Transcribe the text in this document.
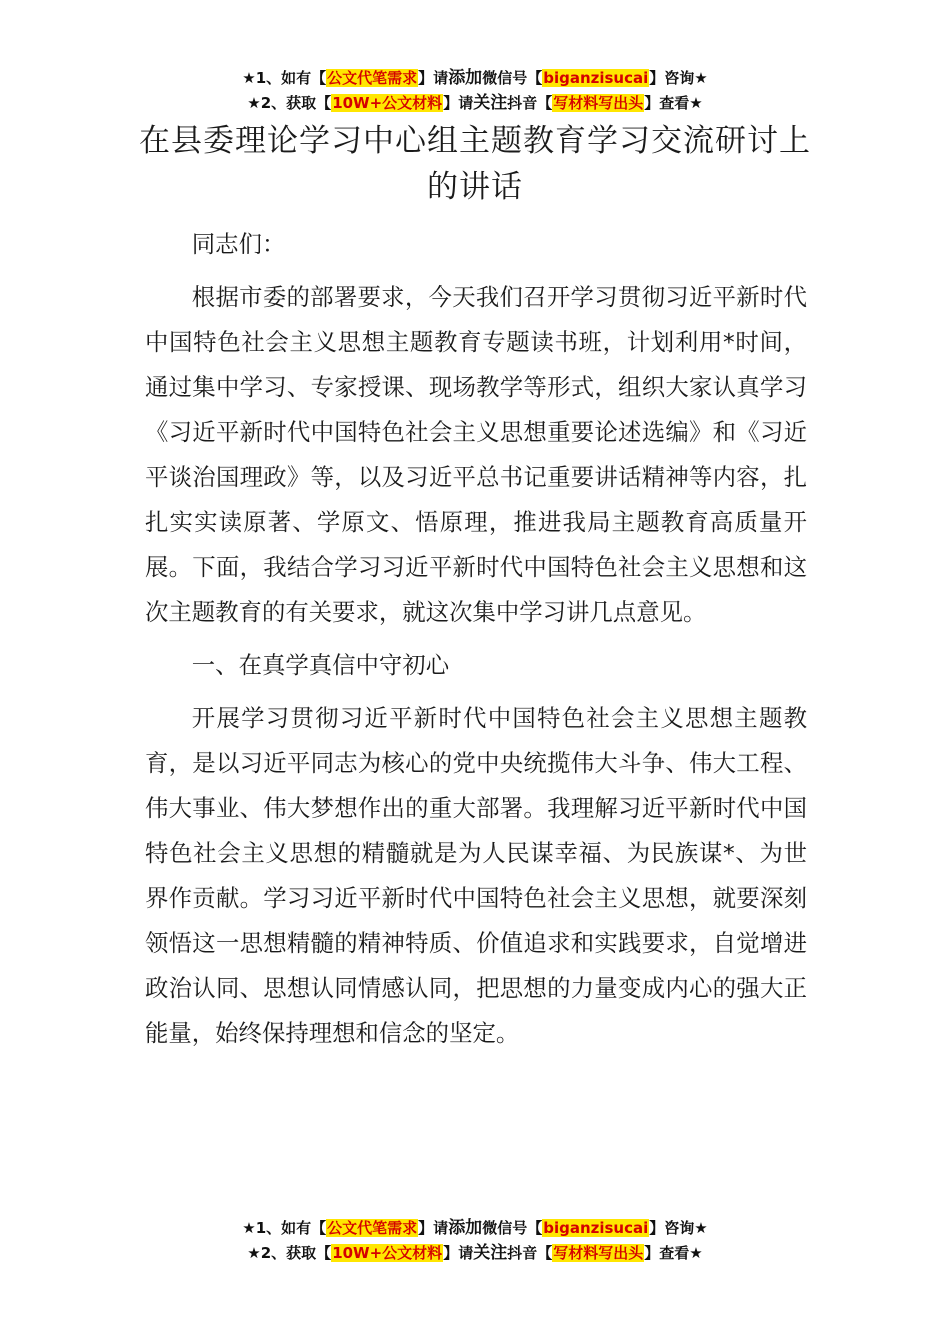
★1、如有【公文代笔需求】请添加微信号【biganzisucai】咨询★
★2、获取【10W+公文材料】请关注抖音【写材料写出头】查看★
在县委理论学习中心组主题教育学习交流研讨上的讲话

同志们：

根据市委的部署要求，今天我们召开学习贯彻习近平新时代中国特色社会主义思想主题教育专题读书班，计划利用*时间，通过集中学习、专家授课、现场教学等形式，组织大家认真学习《习近平新时代中国特色社会主义思想重要论述选编》和《习近平谈治国理政》等，以及习近平总书记重要讲话精神等内容，扎扎实实读原著、学原文、悟原理，推进我局主题教育高质量开展。下面，我结合学习习近平新时代中国特色社会主义思想和这次主题教育的有关要求，就这次集中学习讲几点意见。

一、在真学真信中守初心

开展学习贯彻习近平新时代中国特色社会主义思想主题教育，是以习近平同志为核心的党中央统揽伟大斗争、伟大工程、伟大事业、伟大梦想作出的重大部署。我理解习近平新时代中国特色社会主义思想的精髓就是为人民谋幸福、为民族谋*、为世界作贡献。学习习近平新时代中国特色社会主义思想，就要深刻领悟这一思想精髓的精神特质、价值追求和实践要求，自觉增进政治认同、思想认同情感认同，把思想的力量变成内心的强大正能量，始终保持理想和信念的坚定。

★1、如有【公文代笔需求】请添加微信号【biganzisucai】咨询★
★2、获取【10W+公文材料】请关注抖音【写材料写出头】查看★
